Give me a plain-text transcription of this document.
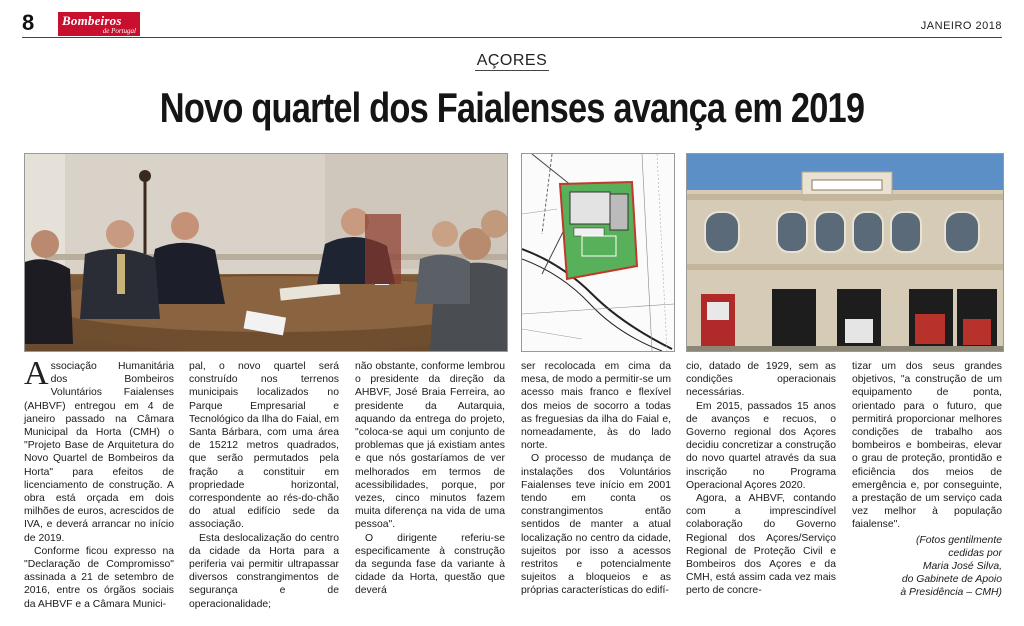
8 Bombeiros
de Portugal	JANEIRO 2018
AÇORES
Novo quartel dos Faialenses avança em 2019

Associação Humanitária dos Bombeiros Voluntários Faialenses (AHBVF) entregou em 4 de janeiro passado na Câmara Municipal da Horta (CMH) o "Projeto Base de Arquitetura do Novo Quartel de Bombeiros da Horta" para efeitos de licenciamento de construção. A obra está orçada em dois milhões de euros, acrescidos de IVA, e deverá arrancar no início de 2019.

Conforme ficou expresso na "Declaração de Compromisso" assinada a 21 de setembro de 2016, entre os órgãos sociais da AHBVF e a Câmara Munici-

pal, o novo quartel será construído nos terrenos municipais localizados no Parque Empresarial e Tecnológico da Ilha do Faial, em Santa Bárbara, com uma área de 15212 metros quadrados, que serão permutados pela fração a constituir em propriedade horizontal, correspondente ao rés-do-chão do atual edifício sede da associação.

Esta deslocalização do centro da cidade da Horta para a periferia vai permitir ultrapassar diversos constrangimentos de segurança e de operacionalidade;

não obstante, conforme lembrou o presidente da direção da AHBVF, José Braia Ferreira, ao presidente da Autarquia, aquando da entrega do projeto, "coloca-se aqui um conjunto de problemas que já existiam antes e que nós gostaríamos de ver melhorados em termos de acessibilidades, porque, por vezes, cinco minutos fazem muita diferença na vida de uma pessoa".

O dirigente referiu-se especificamente à construção da segunda fase da variante à cidade da Horta, questão que deverá

ser recolocada em cima da mesa, de modo a permitir-se um acesso mais franco e flexível dos meios de socorro a todas as freguesias da ilha do Faial e, nomeadamente, às do lado norte.

O processo de mudança de instalações dos Voluntários Faialenses teve início em 2001 tendo em conta os constrangimentos então sentidos de manter a atual localização no centro da cidade, sujeitos por isso a acessos restritos e potencialmente sujeitos a bloqueios e as próprias características do edifí-

cio, datado de 1929, sem as condições operacionais necessárias.

Em 2015, passados 15 anos de avanços e recuos, o Governo regional dos Açores decidiu concretizar a construção do novo quartel através da sua inscrição no Programa Operacional Açores 2020.

Agora, a AHBVF, contando com a imprescindível colaboração do Governo Regional dos Açores/Serviço Regional de Proteção Civil e Bombeiros dos Açores e da CMH, está assim cada vez mais perto de concre-

tizar um dos seus grandes objetivos, "a construção de um equipamento de ponta, orientado para o futuro, que permitirá proporcionar melhores condições de trabalho aos bombeiros e bombeiras, elevar o grau de proteção, prontidão e eficiência dos meios de emergência e, por conseguinte, a prestação de um serviço cada vez melhor à população faialense".

(Fotos gentilmente

cedidas por

Maria José Silva,

do Gabinete de Apoio

à Presidência – CMH)
